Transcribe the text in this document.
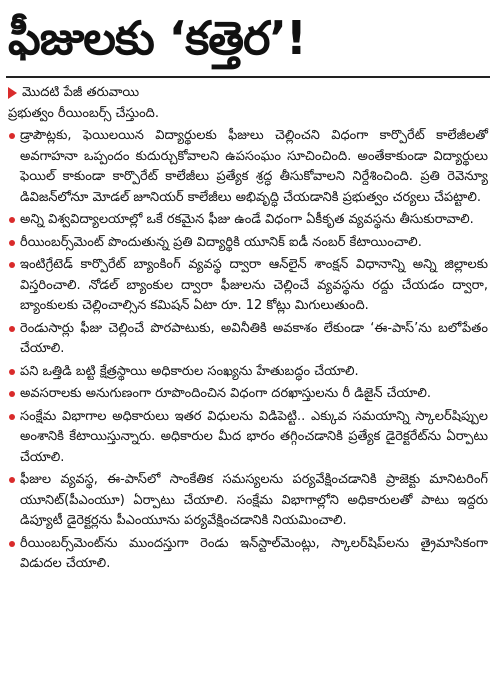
ఫీజులకు ‘కత్తెర’!
మొదటి పేజీ తరువాయి

ప్రభుత్వం రీయింబర్స్ చేస్తుంది.

డ్రాపౌట్లకు, ఫెయిలయిన విద్యార్థులకు ఫీజులు చెల్లించని విధంగా కార్పొరేట్ కాలేజీలతో అవగాహనా ఒప్పందం కుదుర్చుకోవాలని ఉపసంఘం సూచించింది. అంతేకాకుండా విద్యార్థులు ఫెయిల్ కాకుండా కార్పొరేట్ కాలేజీలు ప్రత్యేక శ్రద్ధ తీసుకోవాలని నిర్దేశించింది. ప్రతి రెవెన్యూ డివిజన్‌లోనూ మోడల్ జూనియర్ కాలేజీలు అభివృద్ధి చేయడానికి ప్రభుత్వం చర్యలు చేపట్టాలి.
అన్ని విశ్వవిద్యాలయాల్లో ఒకే రకమైన ఫీజు ఉండే విధంగా ఏకీకృత వ్యవస్థను తీసుకురావాలి.
రీయింబర్స్‌మెంట్ పొందుతున్న ప్రతి విద్యార్థికి యూనిక్ ఐడీ నంబర్ కేటాయించాలి.
ఇంటిగ్రేటెడ్ కార్పొరేట్ బ్యాంకింగ్ వ్యవస్థ ద్వారా ఆన్‌లైన్ శాంక్షన్ విధానాన్ని అన్ని జిల్లాలకు విస్తరించాలి. నోడల్ బ్యాంకుల ద్వారా ఫీజులను చెల్లించే వ్యవస్థను రద్దు చేయడం ద్వారా, బ్యాంకులకు చెల్లించాల్సిన కమిషన్ ఏటా రూ. 12 కోట్లు మిగులుతుంది.
రెండుసార్లు ఫీజు చెల్లించే పొరపాటుకు, అవినీతికి అవకాశం లేకుండా ‘ఈ-పాస్’ను బలోపేతం చేయాలి.
పని ఒత్తిడి బట్టి క్షేత్రస్థాయి అధికారుల సంఖ్యను హేతుబద్ధం చేయాలి.
అవసరాలకు అనుగుణంగా రూపొందించిన విధంగా దరఖాస్తులను రీ డిజైన్ చేయాలి.
సంక్షేమ విభాగాల అధికారులు ఇతర విధులను విడిపెట్టి.. ఎక్కువ సమయాన్ని స్కాలర్‌షిప్పుల అంశానికి కేటాయిస్తున్నారు. అధికారుల మీద భారం తగ్గించడానికి ప్రత్యేక డైరెక్టరేట్‌ను ఏర్పాటు చేయాలి.
ఫీజుల వ్యవస్థ, ఈ-పాస్‌లో సాంకేతిక సమస్యలను పర్యవేక్షించడానికి ప్రాజెక్టు మానిటరింగ్ యూనిట్(పీఎంయూ) ఏర్పాటు చేయాలి. సంక్షేమ విభాగాల్లోని అధికారులతో పాటు ఇద్దరు డిప్యూటీ డైరెక్టర్లను పీఎంయూను పర్యవేక్షించడానికి నియమించాలి.
రీయింబర్స్‌మెంట్‌ను ముందస్తుగా రెండు ఇన్‌స్టాల్‌మెంట్లు, స్కాలర్‌షిప్‌లను త్రైమాసికంగా విడుదల చేయాలి.
